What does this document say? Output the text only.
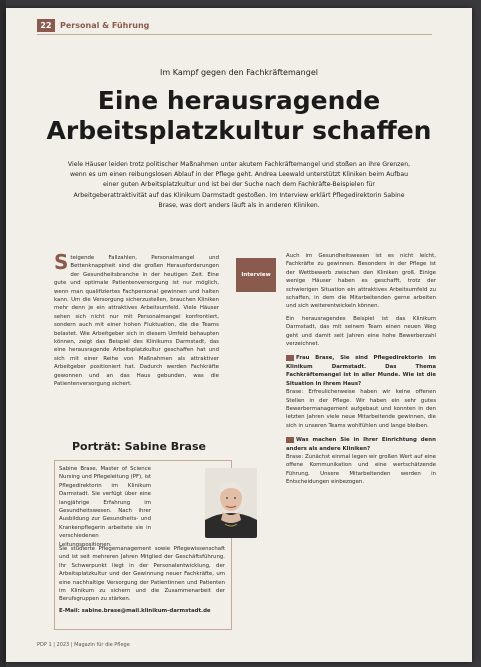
22	Personal & Führung
Im Kampf gegen den Fachkräftemangel
Eine herausragende
Arbeitsplatzkultur schaffen
Viele Häuser leiden trotz politischer Maßnahmen unter akutem Fachkräftemangel und stoßen an ihre Grenzen, wenn es um einen reibungslosen Ablauf in der Pflege geht. Andrea Leewald unterstützt Kliniken beim Aufbau einer guten Arbeitsplatzkultur und ist bei der Suche nach dem Fachkräfte-Beispielen für Arbeitgeberattraktivität auf das Klinikum Darmstadt gestoßen. Im Interview erklärt Pflegedirektorin Sabine Brase, was dort anders läuft als in anderen Kliniken.

Steigende Fallzahlen, Personalmangel und Bettenknappheit sind die großen Herausforderungen der Gesundheitsbranche in der heutigen Zeit. Eine gute und optimale Patientenversorgung ist nur möglich, wenn man qualifiziertes Fachpersonal gewinnen und halten kann. Um die Versorgung sicherzustellen, brauchen Kliniken mehr denn je ein attraktives Arbeitsumfeld. Viele Häuser sehen sich nicht nur mit Personalmangel konfrontiert, sondern auch mit einer hohen Fluktuation, die die Teams belastet. Wie Arbeitgeber sich in diesem Umfeld behaupten können, zeigt das Beispiel des Klinikums Darmstadt, das eine herausragende Arbeitsplatzkultur geschaffen hat und sich mit einer Reihe von Maßnahmen als attraktiver Arbeitgeber positioniert hat. Dadurch werden Fachkräfte gewonnen und an das Haus gebunden, was die Patientenversorgung sichert.

Interview

Auch im Gesundheitswesen ist es nicht leicht, Fachkräfte zu gewinnen. Besonders in der Pflege ist der Wettbewerb zwischen den Kliniken groß. Einige wenige Häuser haben es geschafft, trotz der schwierigen Situation ein attraktives Arbeitsumfeld zu schaffen, in dem die Mitarbeitenden gerne arbeiten und sich weiterentwickeln können.

Ein herausragendes Beispiel ist das Klinikum Darmstadt, das mit seinem Team einen neuen Weg geht und damit seit Jahren eine hohe Bewerberzahl verzeichnet.

Frau Brase, Sie sind Pflegedirektorin im Klinikum Darmstadt. Das Thema Fachkräftemangel ist in aller Munde. Wie ist die Situation in Ihrem Haus?

Brase: Erfreulicherweise haben wir keine offenen Stellen in der Pflege. Wir haben ein sehr gutes Bewerbermanagement aufgebaut und konnten in den letzten Jahren viele neue Mitarbeitende gewinnen, die sich in unseren Teams wohlfühlen und lange bleiben.

Was machen Sie in Ihrer Einrichtung denn anders als andere Kliniken?

Brase: Zunächst einmal legen wir großen Wert auf eine offene Kommunikation und eine wertschätzende Führung. Unsere Mitarbeitenden werden in Entscheidungen einbezogen.

Porträt: Sabine Brase

Sabine Brase, Master of Science Nursing und Pflegeleitung (PF), ist Pflegedirektorin im Klinikum Darmstadt. Sie verfügt über eine langjährige Erfahrung im Gesundheitswesen. Nach ihrer Ausbildung zur Gesundheits- und Krankenpflegerin arbeitete sie in verschiedenen Leitungspositionen.

Sie studierte Pflegemanagement sowie Pflegewissenschaft und ist seit mehreren Jahren Mitglied der Geschäftsführung. Ihr Schwerpunkt liegt in der Personalentwicklung, der Arbeitsplatzkultur und der Gewinnung neuer Fachkräfte, um eine nachhaltige Versorgung der Patientinnen und Patienten im Klinikum zu sichern und die Zusammenarbeit der Berufsgruppen zu stärken.

E-Mail: sabine.brase@mail.klinikum-darmstadt.de

PDP 1 | 2023 | Magazin für die Pflege
